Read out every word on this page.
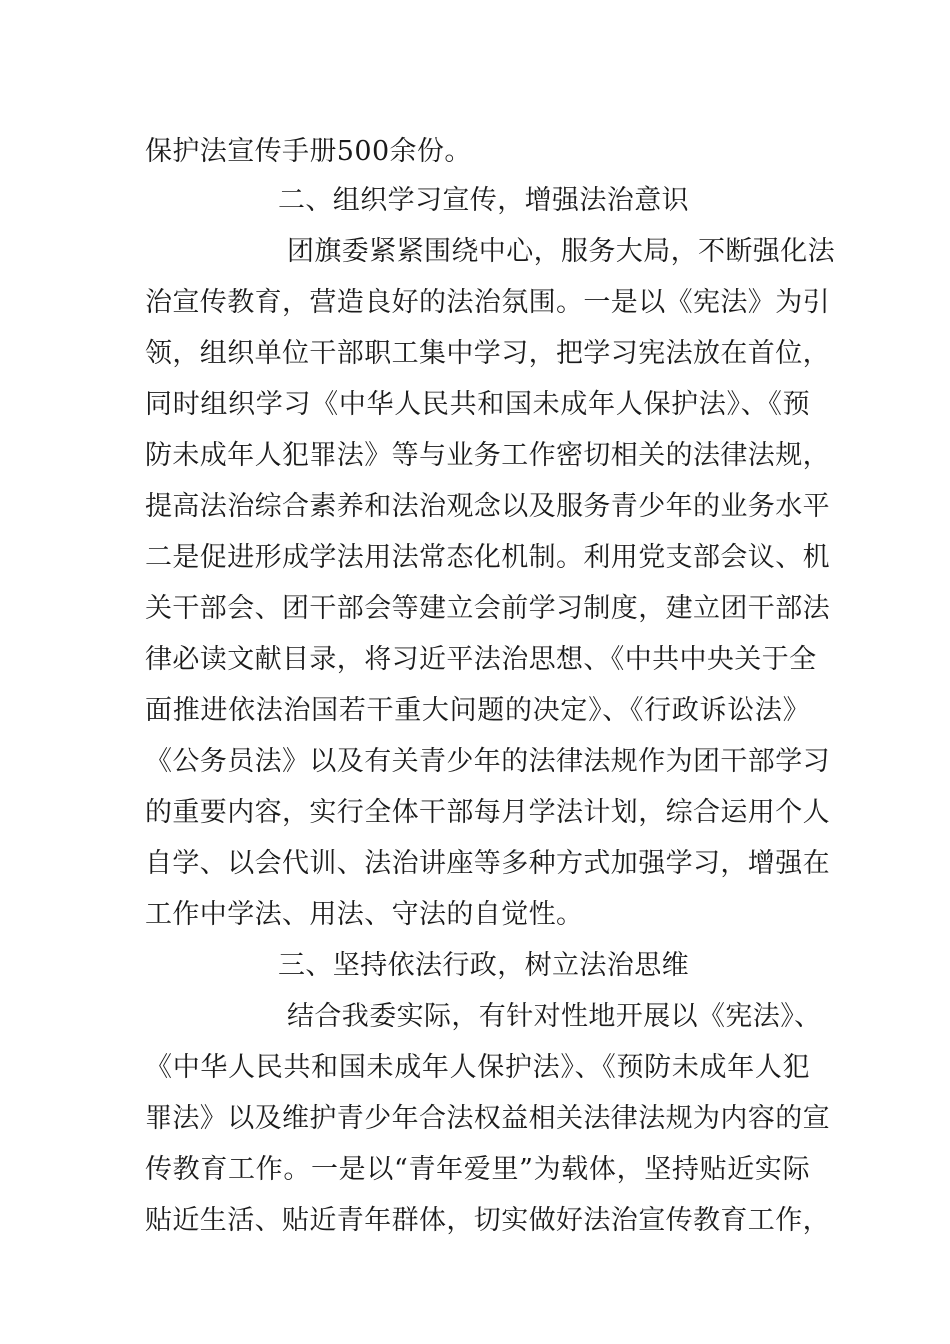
保护法宣传手册500余份。
二、组织学习宣传，增强法治意识
团旗委紧紧围绕中心，服务大局，不断强化法
治宣传教育，营造良好的法治氛围。一是以《宪法》为引
领，组织单位干部职工集中学习，把学习宪法放在首位，
同时组织学习《中华人民共和国未成年人保护法》、《预
防未成年人犯罪法》等与业务工作密切相关的法律法规，
提高法治综合素养和法治观念以及服务青少年的业务水平
二是促进形成学法用法常态化机制。利用党支部会议、机
关干部会、团干部会等建立会前学习制度，建立团干部法
律必读文献目录，将习近平法治思想、《中共中央关于全
面推进依法治国若干重大问题的决定》、《行政诉讼法》
《公务员法》以及有关青少年的法律法规作为团干部学习
的重要内容，实行全体干部每月学法计划，综合运用个人
自学、以会代训、法治讲座等多种方式加强学习，增强在
工作中学法、用法、守法的自觉性。
三、坚持依法行政，树立法治思维
结合我委实际，有针对性地开展以《宪法》、
《中华人民共和国未成年人保护法》、《预防未成年人犯
罪法》以及维护青少年合法权益相关法律法规为内容的宣
传教育工作。一是以“青年爱里”为载体，坚持贴近实际
贴近生活、贴近青年群体，切实做好法治宣传教育工作，
